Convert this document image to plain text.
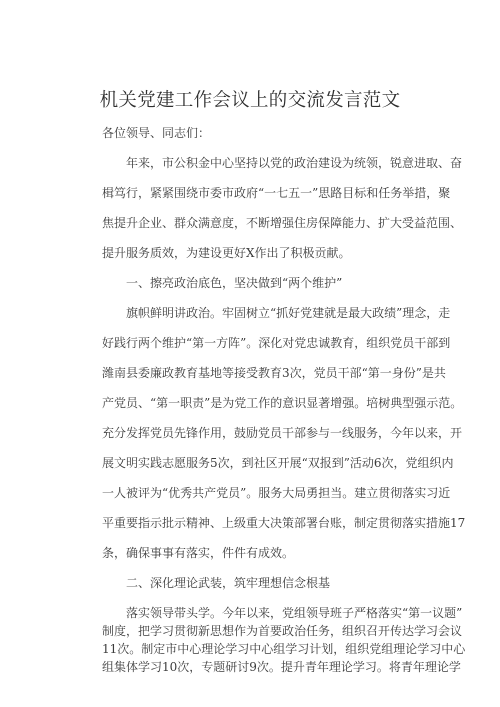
机关党建工作会议上的交流发言范文
各位领导、同志们：
年来，市公积金中心坚持以党的政治建设为统领，锐意进取、奋
楫笃行，紧紧围绕市委市政府“一七五一”思路目标和任务举措，聚
焦提升企业、群众满意度，不断增强住房保障能力、扩大受益范围、
提升服务质效，为建设更好X作出了积极贡献。
一、擦亮政治底色，坚决做到“两个维护”
旗帜鲜明讲政治。牢固树立“抓好党建就是最大政绩”理念，走
好践行两个维护“第一方阵”。深化对党忠诚教育，组织党员干部到
潍南县委廉政教育基地等接受教育3次，党员干部“第一身份”是共
产党员、“第一职责”是为党工作的意识显著增强。培树典型强示范。
充分发挥党员先锋作用，鼓励党员干部参与一线服务，今年以来，开
展文明实践志愿服务5次，到社区开展“双报到”活动6次，党组织内
一人被评为“优秀共产党员”。服务大局勇担当。建立贯彻落实习近
平重要指示批示精神、上级重大决策部署台账，制定贯彻落实措施17
条，确保事事有落实，件件有成效。
二、深化理论武装，筑牢理想信念根基
落实领导带头学。今年以来，党组领导班子严格落实“第一议题”
制度，把学习贯彻新思想作为首要政治任务，组织召开传达学习会议
11次。制定市中心理论学习中心组学习计划，组织党组理论学习中心
组集体学习10次，专题研讨9次。提升青年理论学习。将青年理论学
